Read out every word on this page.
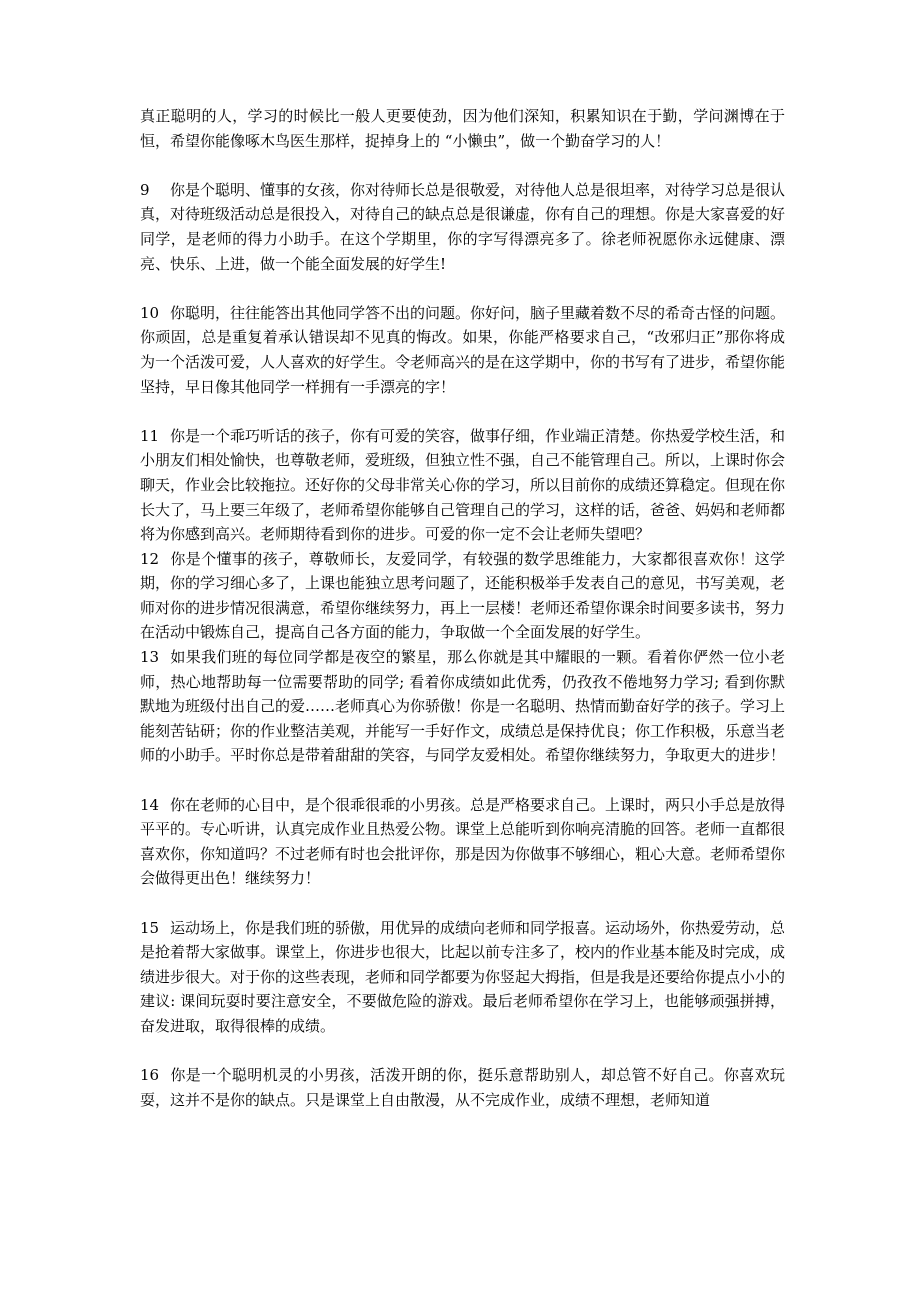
真正聪明的人，学习的时候比一般人更要使劲，因为他们深知，积累知识在于勤，学问渊博在于恒，希望你能像啄木鸟医生那样，捉掉身上的 “小懒虫”，做一个勤奋学习的人！

9 你是个聪明、懂事的女孩，你对待师长总是很敬爱，对待他人总是很坦率，对待学习总是很认真，对待班级活动总是很投入，对待自己的缺点总是很谦虚，你有自己的理想。你是大家喜爱的好同学，是老师的得力小助手。在这个学期里，你的字写得漂亮多了。徐老师祝愿你永远健康、漂亮、快乐、上进，做一个能全面发展的好学生!

10 你聪明，往往能答出其他同学答不出的问题。你好问，脑子里藏着数不尽的希奇古怪的问题。你顽固，总是重复着承认错误却不见真的悔改。如果，你能严格要求自己，“改邪归正”那你将成为一个活泼可爱，人人喜欢的好学生。令老师高兴的是在这学期中，你的书写有了进步，希望你能坚持，早日像其他同学一样拥有一手漂亮的字！

11 你是一个乖巧听话的孩子，你有可爱的笑容，做事仔细，作业端正清楚。你热爱学校生活，和小朋友们相处愉快，也尊敬老师，爱班级，但独立性不强，自己不能管理自己。所以，上课时你会聊天，作业会比较拖拉。还好你的父母非常关心你的学习，所以目前你的成绩还算稳定。但现在你长大了，马上要三年级了，老师希望你能够自己管理自己的学习，这样的话，爸爸、妈妈和老师都将为你感到高兴。老师期待看到你的进步。可爱的你一定不会让老师失望吧？

12 你是个懂事的孩子，尊敬师长，友爱同学，有较强的数学思维能力，大家都很喜欢你！这学期，你的学习细心多了，上课也能独立思考问题了，还能积极举手发表自己的意见，书写美观，老师对你的进步情况很满意，希望你继续努力，再上一层楼！老师还希望你课余时间要多读书，努力在活动中锻炼自己，提高自己各方面的能力，争取做一个全面发展的好学生。

13 如果我们班的每位同学都是夜空的繁星，那么你就是其中耀眼的一颗。看着你俨然一位小老师，热心地帮助每一位需要帮助的同学; 看着你成绩如此优秀，仍孜孜不倦地努力学习; 看到你默默地为班级付出自己的爱……老师真心为你骄傲！你是一名聪明、热情而勤奋好学的孩子。学习上能刻苦钻研；你的作业整洁美观，并能写一手好作文，成绩总是保持优良；你工作积极，乐意当老师的小助手。平时你总是带着甜甜的笑容，与同学友爱相处。希望你继续努力，争取更大的进步！

14 你在老师的心目中，是个很乖很乖的小男孩。总是严格要求自己。上课时，两只小手总是放得平平的。专心听讲，认真完成作业且热爱公物。课堂上总能听到你响亮清脆的回答。老师一直都很喜欢你，你知道吗？不过老师有时也会批评你，那是因为你做事不够细心，粗心大意。老师希望你会做得更出色！继续努力！

15 运动场上，你是我们班的骄傲，用优异的成绩向老师和同学报喜。运动场外，你热爱劳动，总是抢着帮大家做事。课堂上，你进步也很大，比起以前专注多了，校内的作业基本能及时完成，成绩进步很大。对于你的这些表现，老师和同学都要为你竖起大拇指，但是我是还要给你提点小小的建议: 课间玩耍时要注意安全，不要做危险的游戏。最后老师希望你在学习上，也能够顽强拼搏，奋发进取，取得很棒的成绩。

16 你是一个聪明机灵的小男孩，活泼开朗的你，挺乐意帮助别人，却总管不好自己。你喜欢玩耍，这并不是你的缺点。只是课堂上自由散漫，从不完成作业，成绩不理想，老师知道
